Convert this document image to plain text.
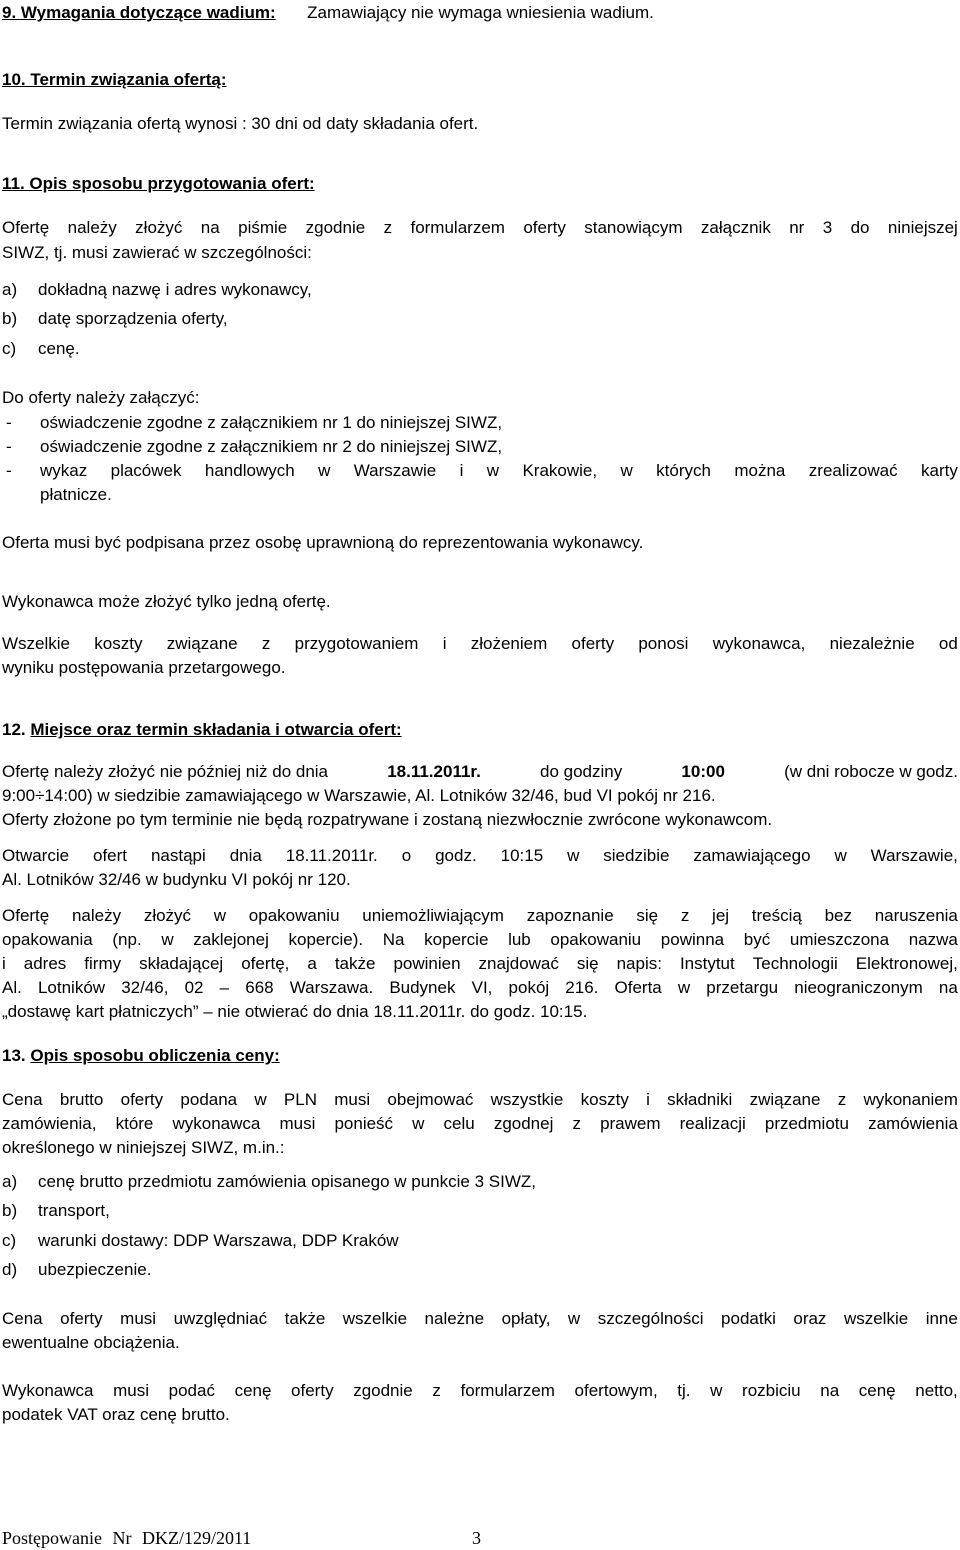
9. Wymagania dotyczące wadium: Zamawiający nie wymaga wniesienia wadium.
10. Termin związania ofertą:
Termin związania ofertą wynosi : 30 dni od daty składania ofert.
11. Opis sposobu przygotowania ofert:
Ofertę należy złożyć na piśmie zgodnie z formularzem oferty stanowiącym załącznik nr 3 do niniejszej
SIWZ, tj. musi zawierać w szczególności:
a) dokładną nazwę i adres wykonawcy,
b) datę sporządzenia oferty,
c) cenę.
Do oferty należy załączyć:
- oświadczenie zgodne z załącznikiem nr 1 do niniejszej SIWZ,
- oświadczenie zgodne z załącznikiem nr 2 do niniejszej SIWZ,
-	wykaz placówek handlowych w Warszawie i w Krakowie, w których można zrealizować karty
płatnicze.
Oferta musi być podpisana przez osobę uprawnioną do reprezentowania wykonawcy.
Wykonawca może złożyć tylko jedną ofertę.
Wszelkie koszty związane z przygotowaniem i złożeniem oferty ponosi wykonawca, niezależnie od
wyniku postępowania przetargowego.
12. Miejsce oraz termin składania i otwarcia ofert:
Ofertę należy złożyć nie później niż do dnia	18.11.2011r.	do godziny	10:00	(w dni robocze w godz.
9:00÷14:00) w siedzibie zamawiającego w Warszawie, Al. Lotników 32/46, bud VI pokój nr 216.
Oferty złożone po tym terminie nie będą rozpatrywane i zostaną niezwłocznie zwrócone wykonawcom.
Otwarcie ofert nastąpi dnia 18.11.2011r. o godz. 10:15 w siedzibie zamawiającego w Warszawie,
Al. Lotników 32/46 w budynku VI pokój nr 120.
Ofertę należy złożyć w opakowaniu uniemożliwiającym zapoznanie się z jej treścią bez naruszenia
opakowania (np. w zaklejonej kopercie). Na kopercie lub opakowaniu powinna być umieszczona nazwa
i adres firmy składającej ofertę, a także powinien znajdować się napis: Instytut Technologii Elektronowej,
Al. Lotników 32/46, 02 – 668 Warszawa. Budynek VI, pokój 216. Oferta w przetargu nieograniczonym na
„dostawę kart płatniczych” – nie otwierać do dnia 18.11.2011r. do godz. 10:15.
13. Opis sposobu obliczenia ceny:
Cena brutto oferty podana w PLN musi obejmować wszystkie koszty i składniki związane z wykonaniem
zamówienia, które wykonawca musi ponieść w celu zgodnej z prawem realizacji przedmiotu zamówienia
określonego w niniejszej SIWZ, m.in.:
a) cenę brutto przedmiotu zamówienia opisanego w punkcie 3 SIWZ,
b) transport,
c) warunki dostawy: DDP Warszawa, DDP Kraków
d) ubezpieczenie.
Cena oferty musi uwzględniać także wszelkie należne opłaty, w szczególności podatki oraz wszelkie inne
ewentualne obciążenia.
Wykonawca musi podać cenę oferty zgodnie z formularzem ofertowym, tj. w rozbiciu na cenę netto,
podatek VAT oraz cenę brutto.
Postępowanie Nr DKZ/129/2011	3
